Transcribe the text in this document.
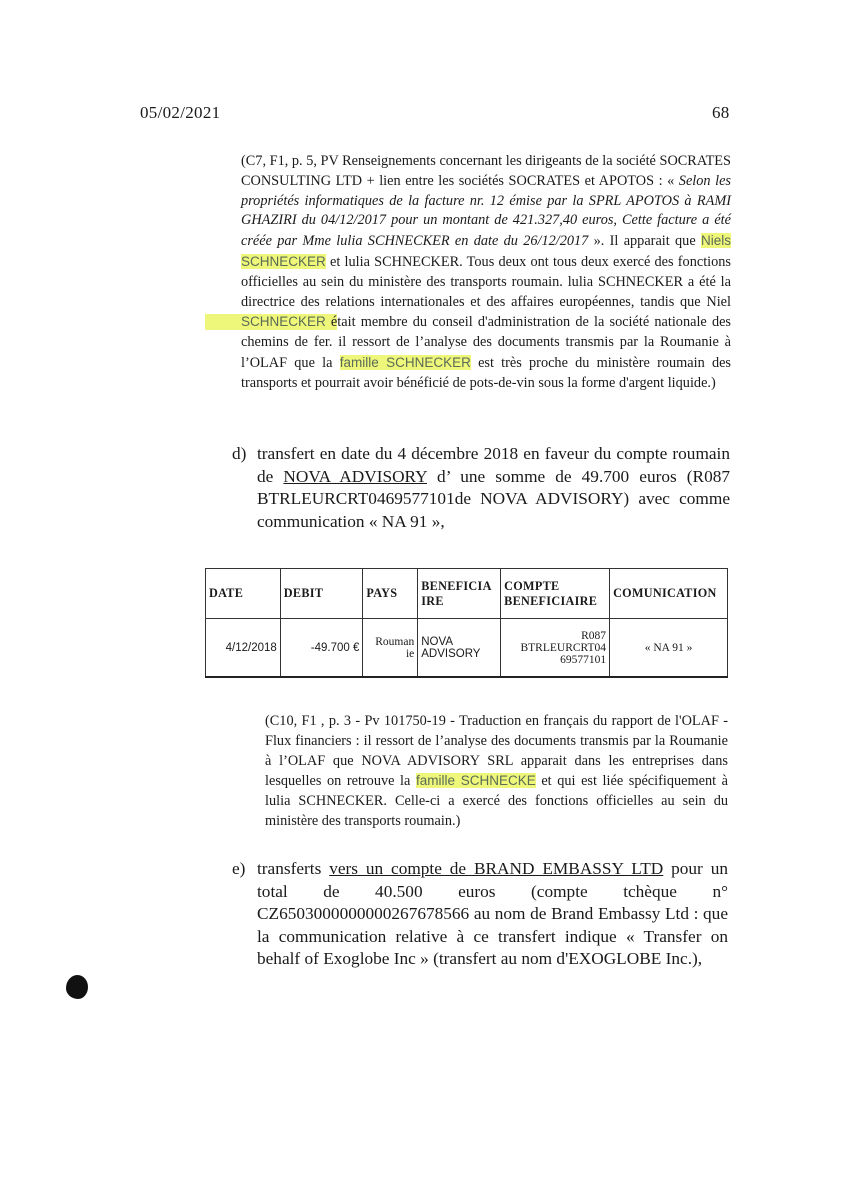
05/02/2021	68
(C7, F1, p. 5, PV Renseignements concernant les dirigeants de la société SOCRATES CONSULTING LTD + lien entre les sociétés SOCRATES et APOTOS : « Selon les propriétés informatiques de la facture nr. 12 émise par la SPRL APOTOS à RAMI GHAZIRI du 04/12/2017 pour un montant de 421.327,40 euros, Cette facture a été créée par Mme lulia SCHNECKER en date du 26/12/2017 ». Il apparait que Niels SCHNECKER et lulia SCHNECKER. Tous deux ont tous deux exercé des fonctions officielles au sein du ministère des transports roumain. lulia SCHNECKER a été la directrice des relations internationales et des affaires européennes, tandis que Niel SCHNECKER était membre du conseil d'administration de la société nationale des chemins de fer. il ressort de l’analyse des documents transmis par la Roumanie à l’OLAF que la famille SCHNECKER est très proche du ministère roumain des transports et pourrait avoir bénéficié de pots-de-vin sous la forme d'argent liquide.)
d) transfert en date du 4 décembre 2018 en faveur du compte roumain de NOVA ADVISORY d’ une somme de 49.700 euros (R087 BTRLEURCRT0469577101de NOVA ADVISORY) avec comme communication « NA 91 »,
DATE	DEBIT	PAYS	BENEFICIA IRE	COMPTE BENEFICIAIRE	COMUNICATION
4/12/2018	-49.700 €	Rouman ie	NOVA ADVISORY	R087 BTRLEURCRT04 69577101	« NA 91 »
(C10, F1 , p. 3 - Pv 101750-19 - Traduction en français du rapport de l'OLAF - Flux financiers : il ressort de l’analyse des documents transmis par la Roumanie à l’OLAF que NOVA ADVISORY SRL apparait dans les entreprises dans lesquelles on retrouve la famille SCHNECKE et qui est liée spécifiquement à lulia SCHNECKER. Celle-ci a exercé des fonctions officielles au sein du ministère des transports roumain.)
e) transferts vers un compte de BRAND EMBASSY LTD pour un total de 40.500 euros (compte tchèque n° CZ6503000000000267678566 au nom de Brand Embassy Ltd : que la communication relative à ce transfert indique « Transfer on behalf of Exoglobe Inc » (transfert au nom d'EXOGLOBE Inc.),
